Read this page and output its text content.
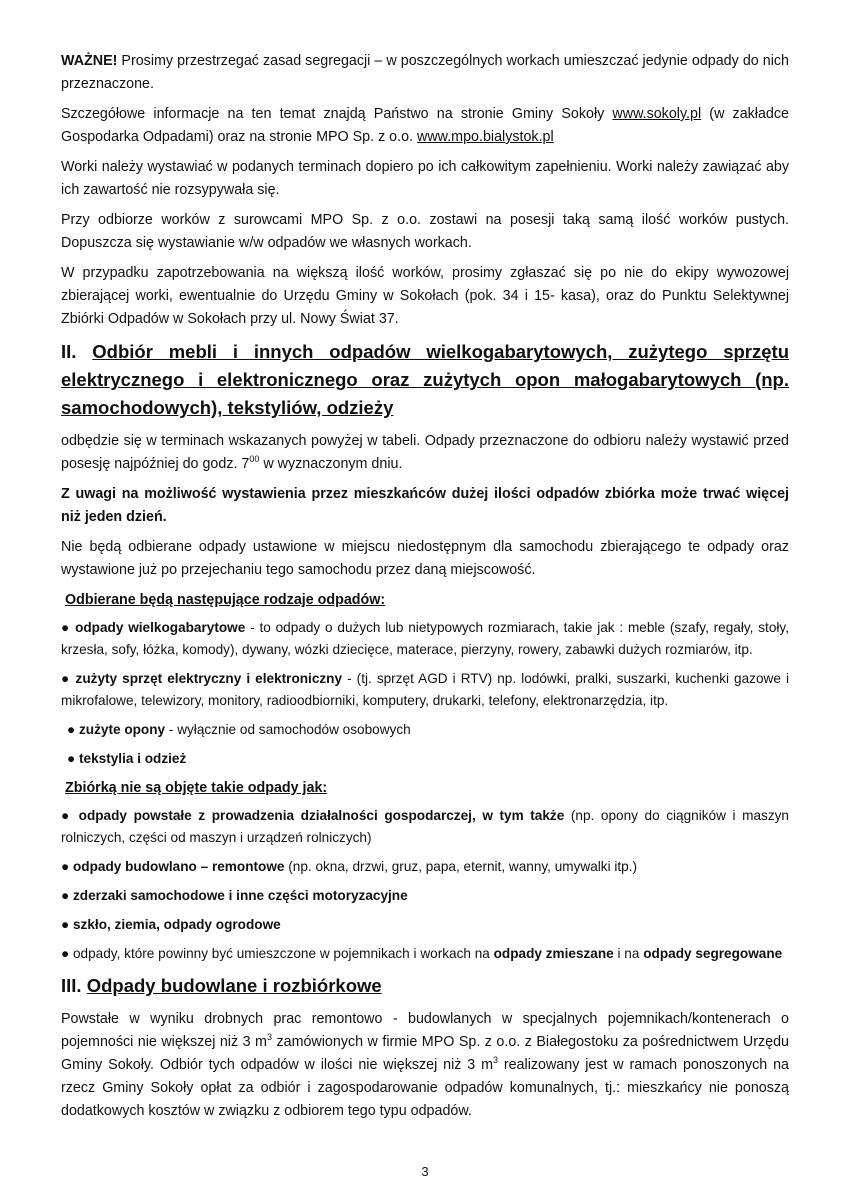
WAŻNE! Prosimy przestrzegać zasad segregacji – w poszczególnych workach umieszczać jedynie odpady do nich przeznaczone.

Szczegółowe informacje na ten temat znajdą Państwo na stronie Gminy Sokoły www.sokoly.pl (w zakładce Gospodarka Odpadami) oraz na stronie MPO Sp. z o.o. www.mpo.bialystok.pl

Worki należy wystawiać w podanych terminach dopiero po ich całkowitym zapełnieniu. Worki należy zawiązać aby ich zawartość nie rozsypywała się.

Przy odbiorze worków z surowcami MPO Sp. z o.o. zostawi na posesji taką samą ilość worków pustych. Dopuszcza się wystawianie w/w odpadów we własnych workach.

W przypadku zapotrzebowania na większą ilość worków, prosimy zgłaszać się po nie do ekipy wywozowej zbierającej worki, ewentualnie do Urzędu Gminy w Sokołach (pok. 34 i 15- kasa), oraz do Punktu Selektywnej Zbiórki Odpadów w Sokołach przy ul. Nowy Świat 37.

II. Odbiór mebli i innych odpadów wielkogabarytowych, zużytego sprzętu elektrycznego i elektronicznego oraz zużytych opon małogabarytowych (np. samochodowych), tekstyliów, odzieży

odbędzie się w terminach wskazanych powyżej w tabeli. Odpady przeznaczone do odbioru należy wystawić przed posesję najpóźniej do godz. $7^{00}$ w wyznaczonym dniu.

Z uwagi na możliwość wystawienia przez mieszkańców dużej ilości odpadów zbiórka może trwać więcej niż jeden dzień.

Nie będą odbierane odpady ustawione w miejscu niedostępnym dla samochodu zbierającego te odpady oraz wystawione już po przejechaniu tego samochodu przez daną miejscowość.

Odbierane będą następujące rodzaje odpadów:
● odpady wielkogabarytowe - to odpady o dużych lub nietypowych rozmiarach, takie jak : meble (szafy, regały, stoły, krzesła, sofy, łóżka, komody), dywany, wózki dziecięce, materace, pierzyny, rowery, zabawki dużych rozmiarów, itp.
● zużyty sprzęt elektryczny i elektroniczny - (tj. sprzęt AGD i RTV) np. lodówki, pralki, suszarki, kuchenki gazowe i mikrofalowe, telewizory, monitory, radioodbiorniki, komputery, drukarki, telefony, elektronarzędzia, itp.
● zużyte opony - wyłącznie od samochodów osobowych
● tekstylia i odzież
Zbiórką nie są objęte takie odpady jak:
● odpady powstałe z prowadzenia działalności gospodarczej, w tym także (np. opony do ciągników i maszyn rolniczych, części od maszyn i urządzeń rolniczych)
● odpady budowlano – remontowe (np. okna, drzwi, gruz, papa, eternit, wanny, umywalki itp.)
● zderzaki samochodowe i inne części motoryzacyjne
● szkło, ziemia, odpady ogrodowe
● odpady, które powinny być umieszczone w pojemnikach i workach na odpady zmieszane i na odpady segregowane
III. Odpady budowlane i rozbiórkowe

Powstałe w wyniku drobnych prac remontowo - budowlanych w specjalnych pojemnikach/kontenerach o pojemności nie większej niż 3 $m^3$ zamówionych w firmie MPO Sp. z o.o. z Białegostoku za pośrednictwem Urzędu Gminy Sokoły. Odbiór tych odpadów w ilości nie większej niż 3 $m^3$ realizowany jest w ramach ponoszonych na rzecz Gminy Sokoły opłat za odbiór i zagospodarowanie odpadów komunalnych, tj.: mieszkańcy nie ponoszą dodatkowych kosztów w związku z odbiorem tego typu odpadów.

3
